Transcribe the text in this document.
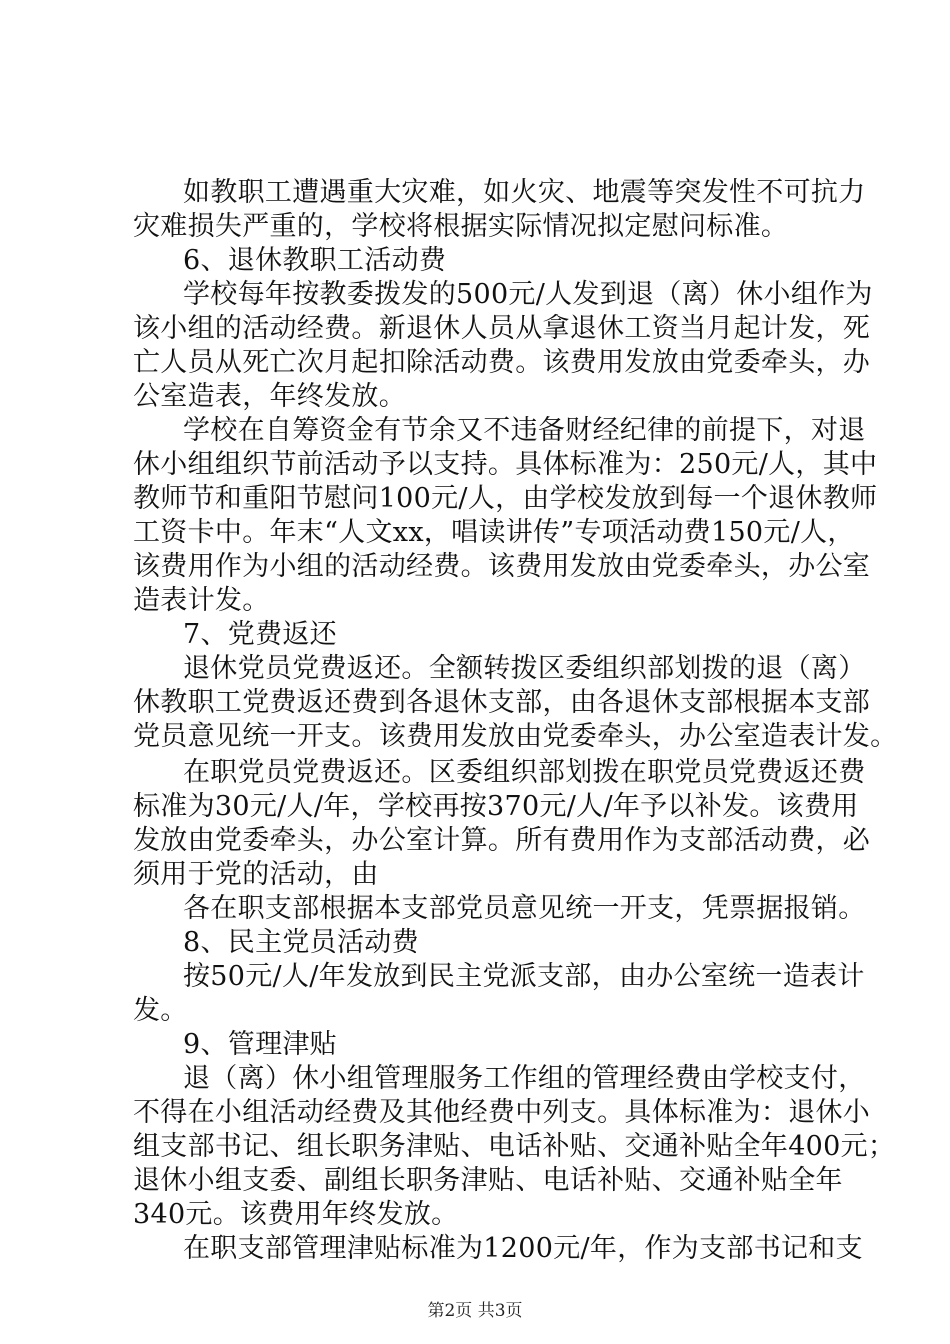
如教职工遭遇重大灾难，如火灾、地震等突发性不可抗力
灾难损失严重的，学校将根据实际情况拟定慰问标准。
6、退休教职工活动费
学校每年按教委拨发的500元/人发到退（离）休小组作为
该小组的活动经费。新退休人员从拿退休工资当月起计发，死
亡人员从死亡次月起扣除活动费。该费用发放由党委牵头，办
公室造表，年终发放。
学校在自筹资金有节余又不违备财经纪律的前提下，对退
休小组组织节前活动予以支持。具体标准为：250元/人，其中
教师节和重阳节慰问100元/人，由学校发放到每一个退休教师
工资卡中。年末“人文xx，唱读讲传”专项活动费150元/人，
该费用作为小组的活动经费。该费用发放由党委牵头，办公室
造表计发。
7、党费返还
退休党员党费返还。全额转拨区委组织部划拨的退（离）
休教职工党费返还费到各退休支部，由各退休支部根据本支部
党员意见统一开支。该费用发放由党委牵头，办公室造表计发。
在职党员党费返还。区委组织部划拨在职党员党费返还费
标准为30元/人/年，学校再按370元/人/年予以补发。该费用
发放由党委牵头，办公室计算。所有费用作为支部活动费，必
须用于党的活动，由
各在职支部根据本支部党员意见统一开支，凭票据报销。
8、民主党员活动费
按50元/人/年发放到民主党派支部，由办公室统一造表计
发。
9、管理津贴
退（离）休小组管理服务工作组的管理经费由学校支付，
不得在小组活动经费及其他经费中列支。具体标准为：退休小
组支部书记、组长职务津贴、电话补贴、交通补贴全年400元；
退休小组支委、副组长职务津贴、电话补贴、交通补贴全年
340元。该费用年终发放。
在职支部管理津贴标准为1200元/年，作为支部书记和支
第2页 共3页
